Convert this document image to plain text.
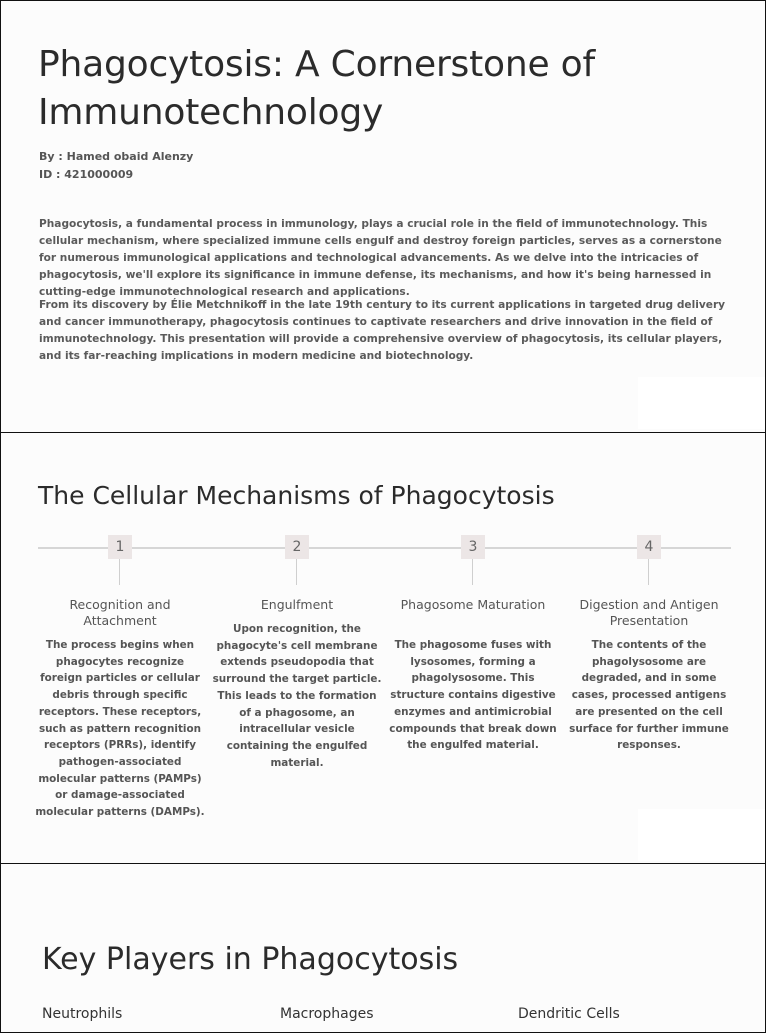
Phagocytosis: A Cornerstone of
Immunotechnology
By : Hamed obaid Alenzy
ID : 421000009

Phagocytosis, a fundamental process in immunology, plays a crucial role in the field of immunotechnology. This cellular mechanism, where specialized immune cells engulf and destroy foreign particles, serves as a cornerstone for numerous immunological applications and technological advancements. As we delve into the intricacies of phagocytosis, we'll explore its significance in immune defense, its mechanisms, and how it's being harnessed in cutting-edge immunotechnological research and applications.

From its discovery by Élie Metchnikoff in the late 19th century to its current applications in targeted drug delivery and cancer immunotherapy, phagocytosis continues to captivate researchers and drive innovation in the field of immunotechnology. This presentation will provide a comprehensive overview of phagocytosis, its cellular players, and its far-reaching implications in modern medicine and biotechnology.

The Cellular Mechanisms of Phagocytosis
1
Recognition and Attachment
The process begins when phagocytes recognize foreign particles or cellular debris through specific receptors. These receptors, such as pattern recognition receptors (PRRs), identify pathogen-associated molecular patterns (PAMPs) or damage-associated molecular patterns (DAMPs).
2
Engulfment
Upon recognition, the phagocyte's cell membrane extends pseudopodia that surround the target particle. This leads to the formation of a phagosome, an intracellular vesicle containing the engulfed material.
3
Phagosome Maturation
The phagosome fuses with lysosomes, forming a phagolysosome. This structure contains digestive enzymes and antimicrobial compounds that break down the engulfed material.
4
Digestion and Antigen Presentation
The contents of the phagolysosome are degraded, and in some cases, processed antigens are presented on the cell surface for further immune responses.
Key Players in Phagocytosis
Neutrophils	Macrophages	Dendritic Cells
